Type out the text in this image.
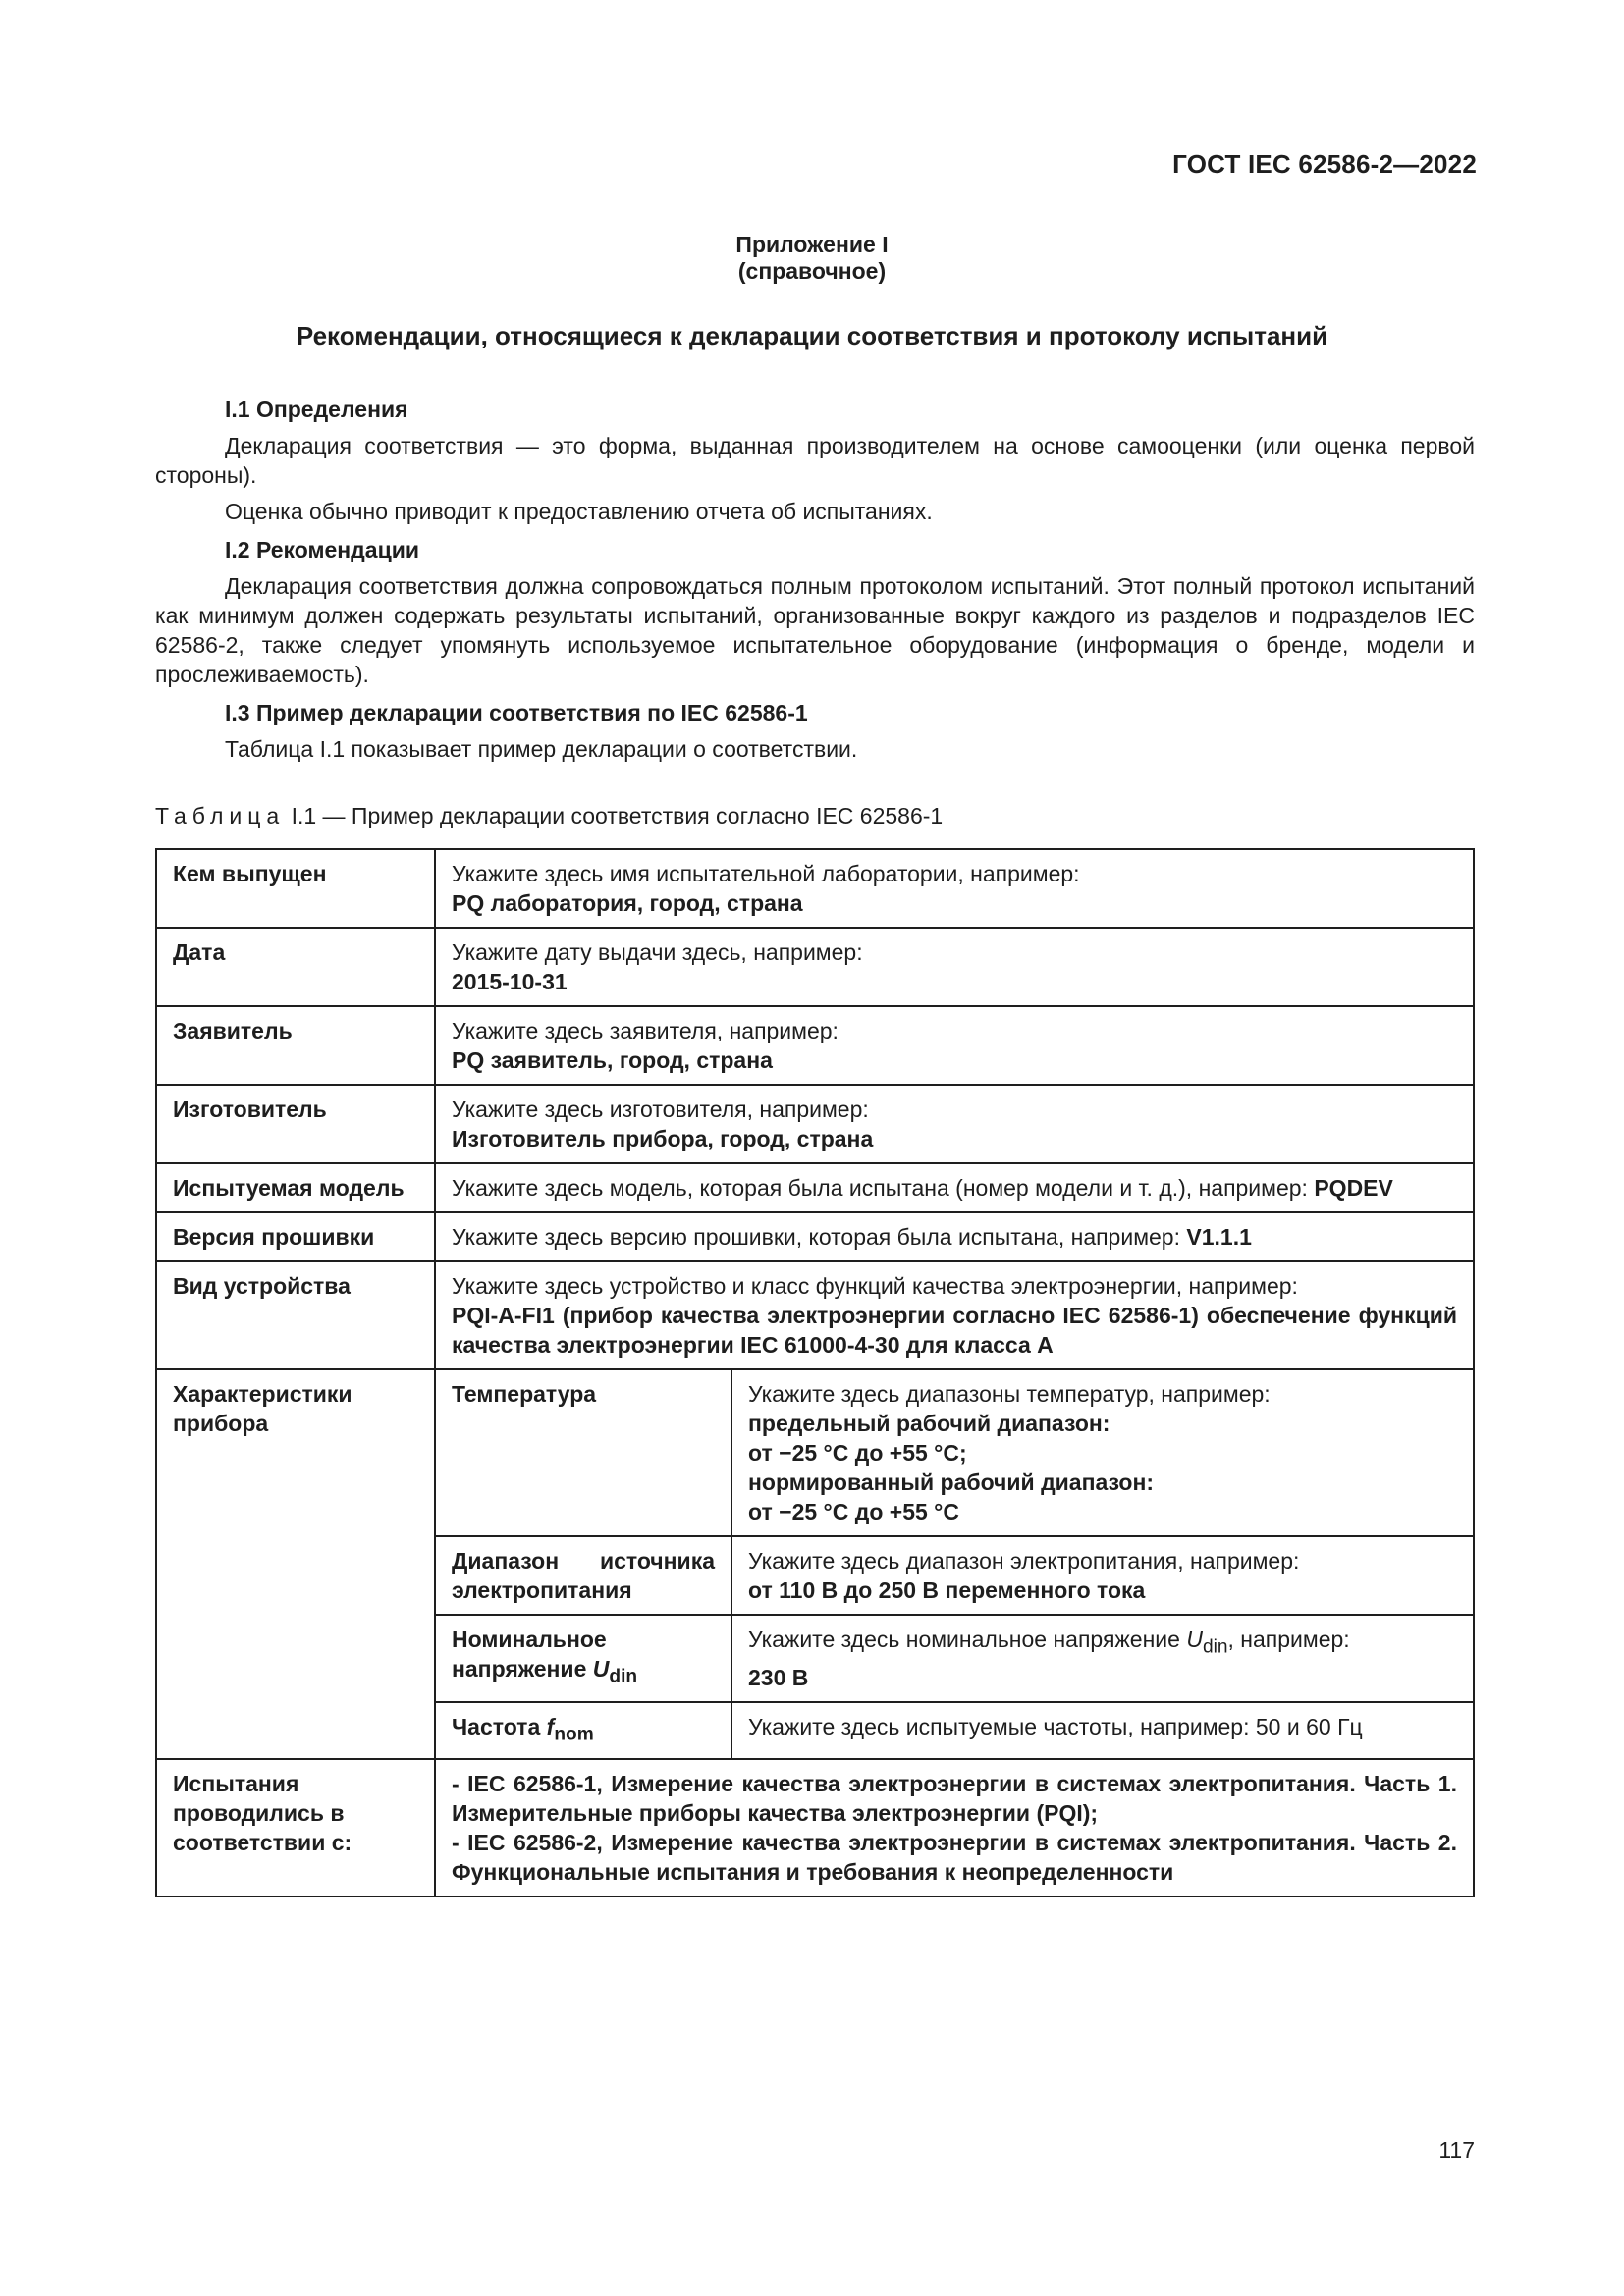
ГОСТ IEC 62586-2—2022
Приложение I
(справочное)
Рекомендации, относящиеся к декларации соответствия и протоколу испытаний

I.1 Определения

Декларация соответствия — это форма, выданная производителем на основе самооценки (или оценка первой стороны).

Оценка обычно приводит к предоставлению отчета об испытаниях.

I.2 Рекомендации

Декларация соответствия должна сопровождаться полным протоколом испытаний. Этот полный протокол испытаний как минимум должен содержать результаты испытаний, организованные вокруг каждого из разделов и подразделов IEC 62586-2, также следует упомянуть используемое испытательное оборудование (информация о бренде, модели и прослеживаемость).

I.3 Пример декларации соответствия по IEC 62586-1

Таблица I.1 показывает пример декларации о соответствии.

Таблица I.1 — Пример декларации соответствия согласно IEC 62586-1
Кем выпущен	Укажите здесь имя испытательной лаборатории, например:
PQ лаборатория, город, страна	

Дата	Укажите дату выдачи здесь, например:
2015-10-31	

Заявитель	Укажите здесь заявителя, например:
PQ заявитель, город, страна	

Изготовитель	Укажите здесь изготовителя, например:
Изготовитель прибора, город, страна	

Испытуемая модель	Укажите здесь модель, которая была испытана (номер модели и т. д.), например: PQDEV	
Версия прошивки	Укажите здесь версию прошивки, которая была испытана, например: V1.1.1	
Вид устройства	Укажите здесь устройство и класс функций качества электроэнергии, например:
PQI-A-FI1 (прибор качества электроэнергии согласно IEC 62586-1) обеспечение функций качества электроэнергии IEC 61000-4-30 для класса А	

Характеристики прибора	Температура	Укажите здесь диапазоны температур, например:
предельный рабочий диапазон:
от −25 °С до +55 °С;
нормированный рабочий диапазон:
от −25 °С до +55 °С

	Диапазон источника электропитания	Укажите здесь диапазон электропитания, например:
от 110 В до 250 В переменного тока

	Номинальное напряжение $U_{din}$	Укажите здесь номинальное напряжение $U_{din}$, например:
230 В

	Частота $f_{nom}$	Укажите здесь испытуемые частоты, например: 50 и 60 Гц
Испытания проводились в соответствии с:	- IEC 62586-1, Измерение качества электроэнергии в системах электропитания. Часть 1. Измерительные приборы качества электроэнергии (PQI);
- IEC 62586-2, Измерение качества электроэнергии в системах электропитания. Часть 2. Функциональные испытания и требования к неопределенности	
117
